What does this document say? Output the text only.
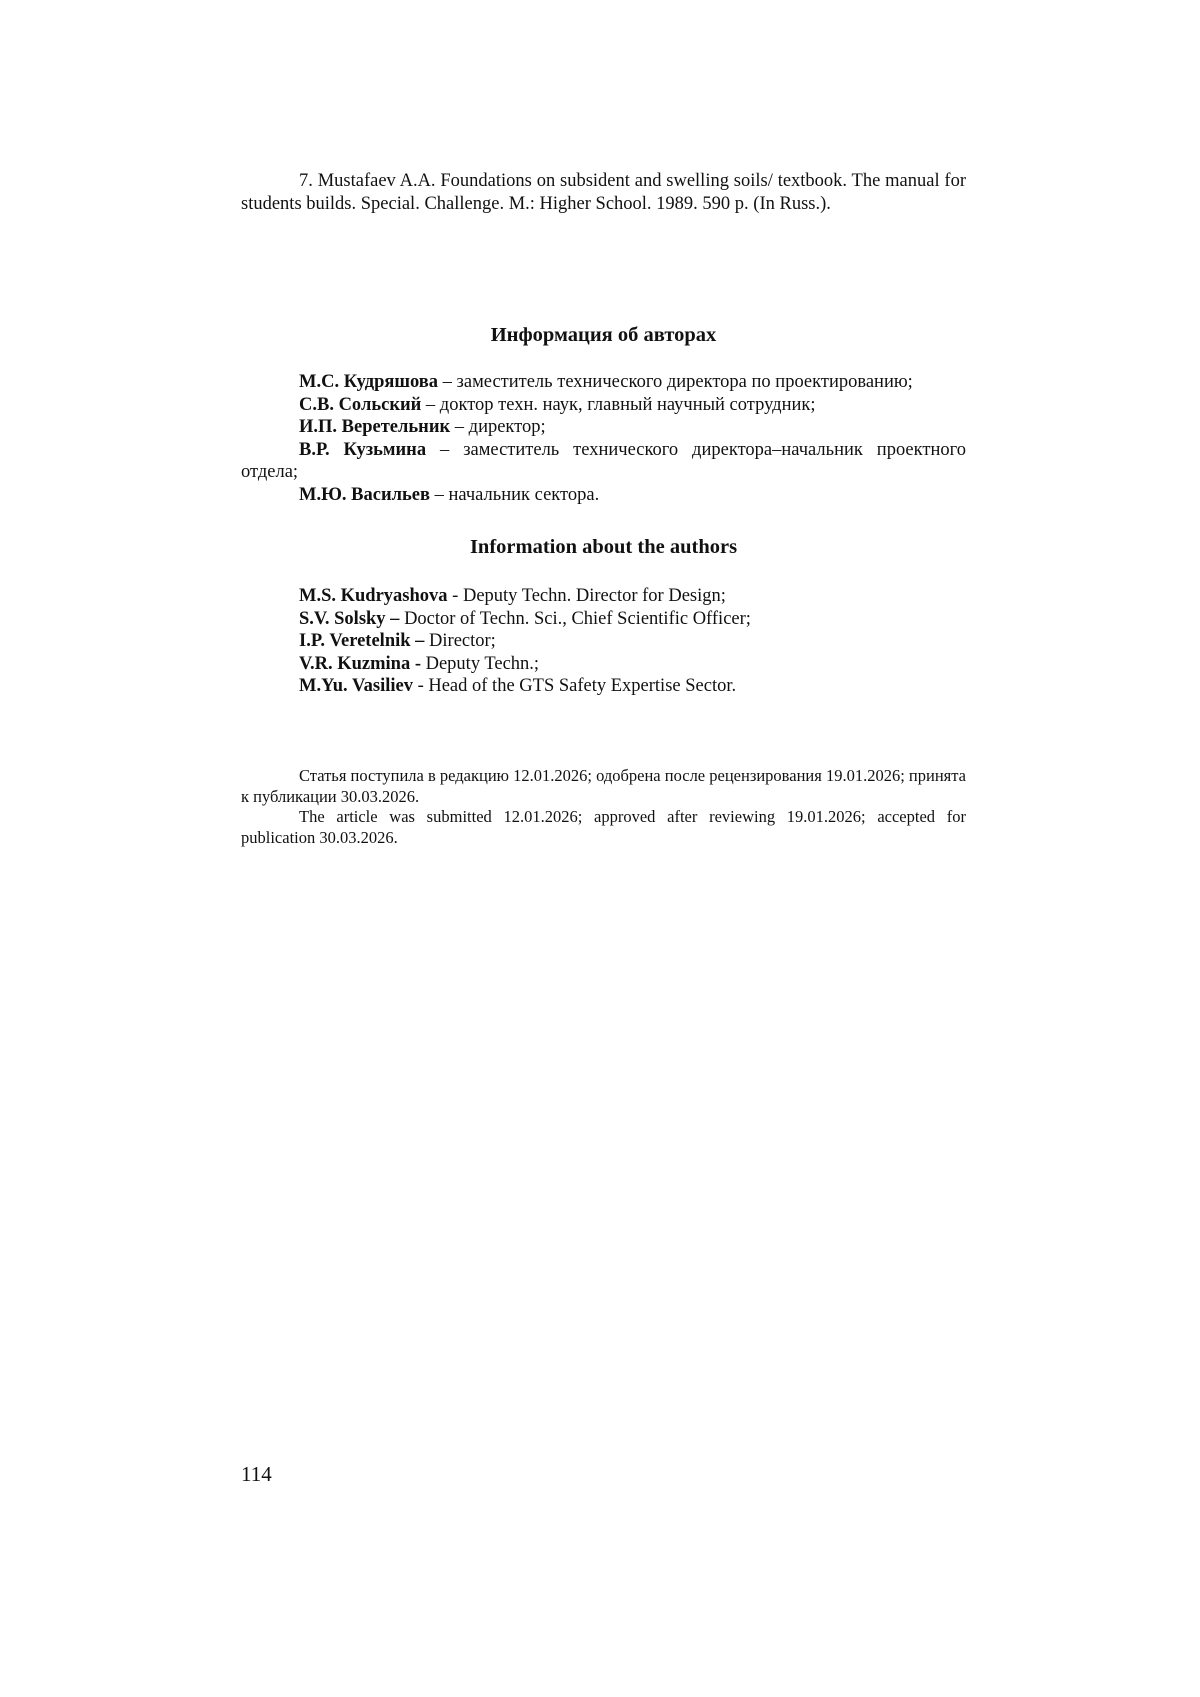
7. Mustafaev A.A. Foundations on subsident and swelling soils/ textbook. The manual for students builds. Special. Challenge. M.: Higher School. 1989. 590 p. (In Russ.).

Информация об авторах
М.С. Кудряшова – заместитель технического директора по проектированию;
С.В. Сольский – доктор техн. наук, главный научный сотрудник;
И.П. Веретельник – директор;
В.Р. Кузьмина – заместитель технического директора–начальник проектного отдела;
М.Ю. Васильев – начальник сектора.
Information about the authors
M.S. Kudryashova - Deputy Techn. Director for Design;
S.V. Solsky – Doctor of Techn. Sci., Chief Scientific Officer;
I.P. Veretelnik – Director;
V.R. Kuzmina - Deputy Techn.;
M.Yu. Vasiliev - Head of the GTS Safety Expertise Sector.

Статья поступила в редакцию 12.01.2026; одобрена после рецензирования 19.01.2026; принята к публикации 30.03.2026.

The article was submitted 12.01.2026; approved after reviewing 19.01.2026; accepted for publication 30.03.2026.

114
